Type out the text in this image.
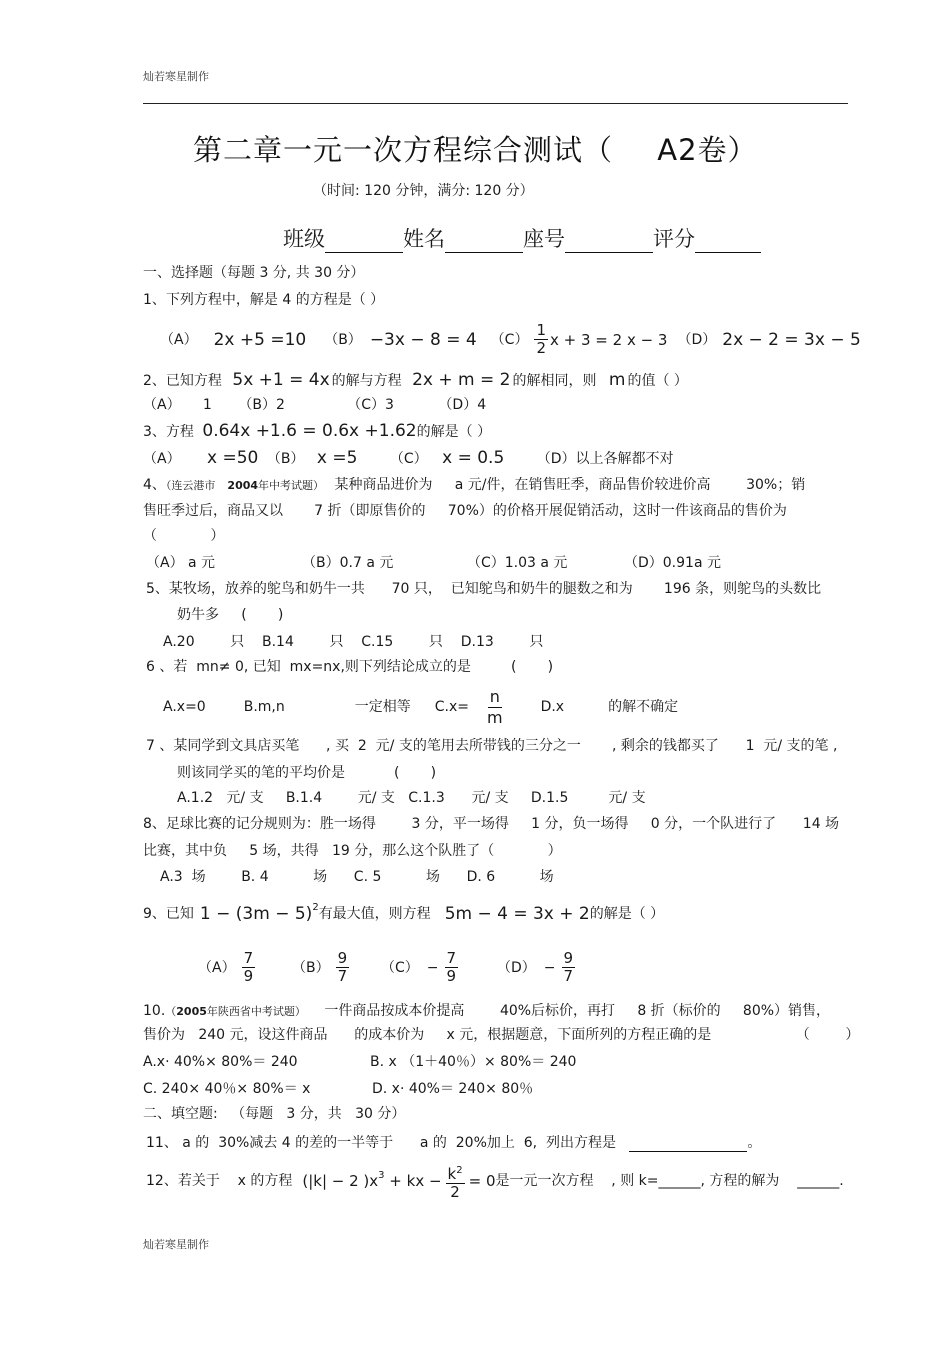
灿若寒星制作
第二章一元一次方程综合测试（ A2卷）
（时间: 120 分钟，满分: 120 分）
班级	姓名	座号	评分
一、选择题（每题 3 分, 共 30 分）
1、下列方程中，解是 4 的方程是（ ）
（A） 2x +5 =10 （B） −3x − 8 = 4 $(C) \frac{1}{2}$ x + 3 = 2 x − 3 （D） 2x − 2 = 3x − 5
2、已知方程 5x +1 = 4x 的解与方程 2x + m = 2 的解相同，则 m 的值（ ）
（A）     1      （B）2              （C）3          （D）4
3、方程 0.64x +1.6 = 0.6x +1.62的解是（ ）
（A） x =50 （B） x =5 （C） x = 0.5 （D）以上各解都不对
4、（连云港市 2004年中考试题） 某种商品进价为     a 元/件，在销售旺季，商品售价较进价高        30%；销
售旺季过后，商品又以       7 折（即原售价的     70%）的价格开展促销活动，这时一件该商品的售价为
（            ）
（A） a 元	（B）0.7 a 元	（C）1.03 a 元	（D）0.91a 元
5、某牧场，放养的鸵鸟和奶牛一共      70 只，  已知鸵鸟和奶牛的腿数之和为       196 条，则鸵鸟的头数比
奶牛多     (       )
A.20        只    B.14        只    C.15        只    D.13        只
6 、若  mn≠ 0, 已知  mx=nx,则下列结论成立的是         (       )
A.x=0	B.m,n	一定相等 $C.x= \frac{n}{m}$	D.x	的解不确定
7 、某同学到文具店买笔      , 买  2  元/ 支的笔用去所带钱的三分之一       , 剩余的钱都买了      1  元/ 支的笔 ,
则该同学买的笔的平均价是           (       )
A.1.2   元/ 支     B.1.4        元/ 支   C.1.3      元/ 支     D.1.5         元/ 支
8、足球比赛的记分规则为：胜一场得        3 分，平一场得     1 分，负一场得     0 分，一个队进行了      14 场
比赛，其中负     5 场，共得   19 分，那么这个队胜了（            ）
A.3  场        B. 4          场      C. 5          场      D. 6          场
9、已知 1 − (3m − 5) 2 有最大值，则方程 5m − 4 = 3x + 2 的解是（ ）
$(A) \frac{7}{9}$	$(B) \frac{9}{7} (C) - \frac{7}{9}$	$(D) - \frac{9}{7}$
10.（2005年陕西省中考试题） 一件商品按成本价提高        40%后标价，再打     8 折（标价的     80%）销售，
售价为   240 元，设这件商品      的成本价为     x 元，根据题意，下面所列的方程正确的是                   （        ）
A.x· 40%× 80%＝ 240	B. x （1＋40％）× 80%＝ 240
C. 240× 40％× 80%＝ x	D. x· 40%＝ 240× 80％
二、填空题:   （每题   3 分，共   30 分）
11、 a 的  30%减去 4 的差的一半等于      a 的  20%加上  6,  列出方程是	。
12、若关于    x 的方程 (|k| − 2 )x 3 + kx − $\frac{k^2}{2} = 0$ 是一元一次方程    , 则 k=______, 方程的解为    ______.
灿若寒星制作
